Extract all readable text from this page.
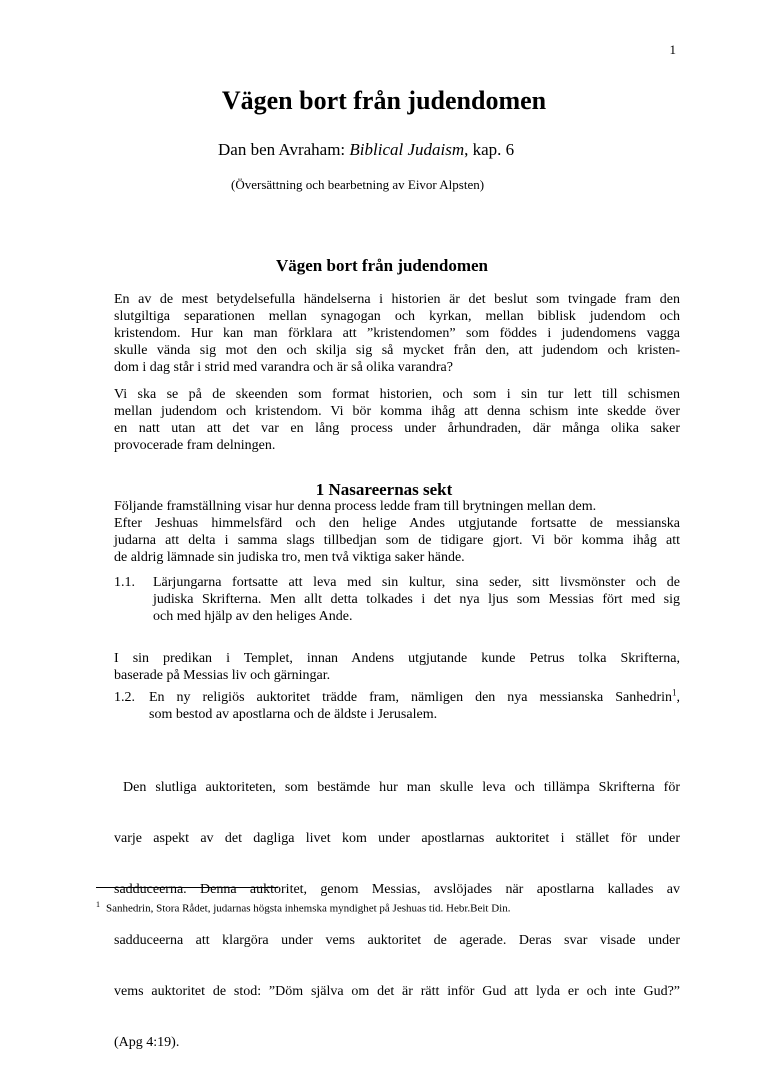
1
Vägen bort från judendomen

Dan ben Avraham: Biblical Judaism, kap. 6

(Översättning och bearbetning av Eivor Alpsten)

Vägen bort från judendomen
En av de mest betydelsefulla händelserna i historien är det beslut som tvingade fram den
slutgiltiga separationen mellan synagogan och kyrkan, mellan biblisk judendom och
kristendom. Hur kan man förklara att ”kristendomen” som föddes i judendomens vagga
skulle vända sig mot den och skilja sig så mycket från den, att judendom och kristen-
dom i dag står i strid med varandra och är så olika varandra?
Vi ska se på de skeenden som format historien, och som i sin tur lett till schismen
mellan judendom och kristendom. Vi bör komma ihåg att denna schism inte skedde över
en natt utan att det var en lång process under århundraden, där många olika saker
provocerade fram delningen.

Följande framställning visar hur denna process ledde fram till brytningen mellan dem.

1 Nasareernas sekt
Efter Jeshuas himmelsfärd och den helige Andes utgjutande fortsatte de messianska
judarna att delta i samma slags tillbedjan som de tidigare gjort. Vi bör komma ihåg att
de aldrig lämnade sin judiska tro, men två viktiga saker hände.
1.1. Lärjungarna fortsatte att leva med sin kultur, sina seder, sitt livsmönster och de
judiska Skrifterna. Men allt detta tolkades i det nya ljus som Messias fört med sig
och med hjälp av den heliges Ande.
I sin predikan i Templet, innan Andens utgjutande kunde Petrus tolka Skrifterna,
baserade på Messias liv och gärningar.
1.2. En ny religiös auktoritet trädde fram, nämligen den nya messianska Sanhedrin$^1$,
som bestod av apostlarna och de äldste i Jerusalem.

Den slutliga auktoriteten, som bestämde hur man skulle leva och tillämpa Skrifterna för

varje aspekt av det dagliga livet kom under apostlarnas auktoritet i stället för under

sadduceerna. Denna auktoritet, genom Messias, avslöjades när apostlarna kallades av

sadduceerna att klargöra under vems auktoritet de agerade. Deras svar visade under

vems auktoritet de stod: ”Döm själva om det är rätt inför Gud att lyda er och inte Gud?”

(Apg 4:19).

$^1$ Sanhedrin, Stora Rådet, judarnas högsta inhemska myndighet på Jeshuas tid. Hebr.Beit Din.
